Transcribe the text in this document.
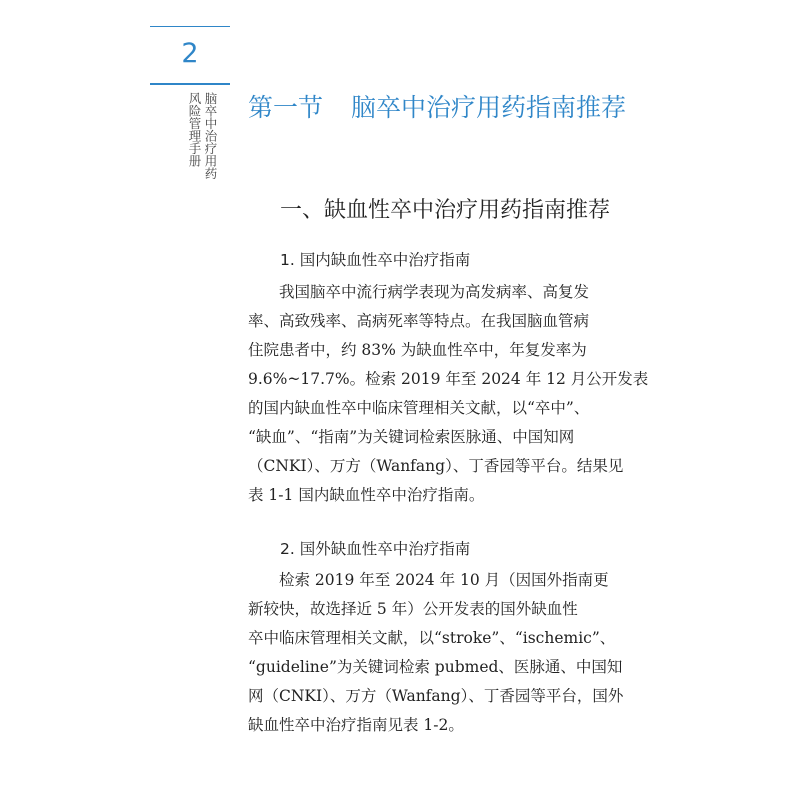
2
脑卒中治疗用药
风险管理手册 第一节 脑卒中治疗用药指南推荐
一、缺血性卒中治疗用药指南推荐
1. 国内缺血性卒中治疗指南
　　我国脑卒中流行病学表现为高发病率、高复发
率、高致残率、高病死率等特点。在我国脑血管病
住院患者中，约 83% 为缺血性卒中，年复发率为
9.6%~17.7%。检索 2019 年至 2024 年 12 月公开发表
的国内缺血性卒中临床管理相关文献，以“卒中”、
“缺血”、“指南”为关键词检索医脉通、中国知网
（CNKI）、万方（Wanfang）、丁香园等平台。结果见
表 1-1 国内缺血性卒中治疗指南。
2. 国外缺血性卒中治疗指南
　　检索 2019 年至 2024 年 10 月（因国外指南更
新较快，故选择近 5 年）公开发表的国外缺血性
卒中临床管理相关文献，以“stroke”、“ischemic”、
“guideline”为关键词检索 pubmed、医脉通、中国知
网（CNKI）、万方（Wanfang）、丁香园等平台，国外
缺血性卒中治疗指南见表 1-2。
